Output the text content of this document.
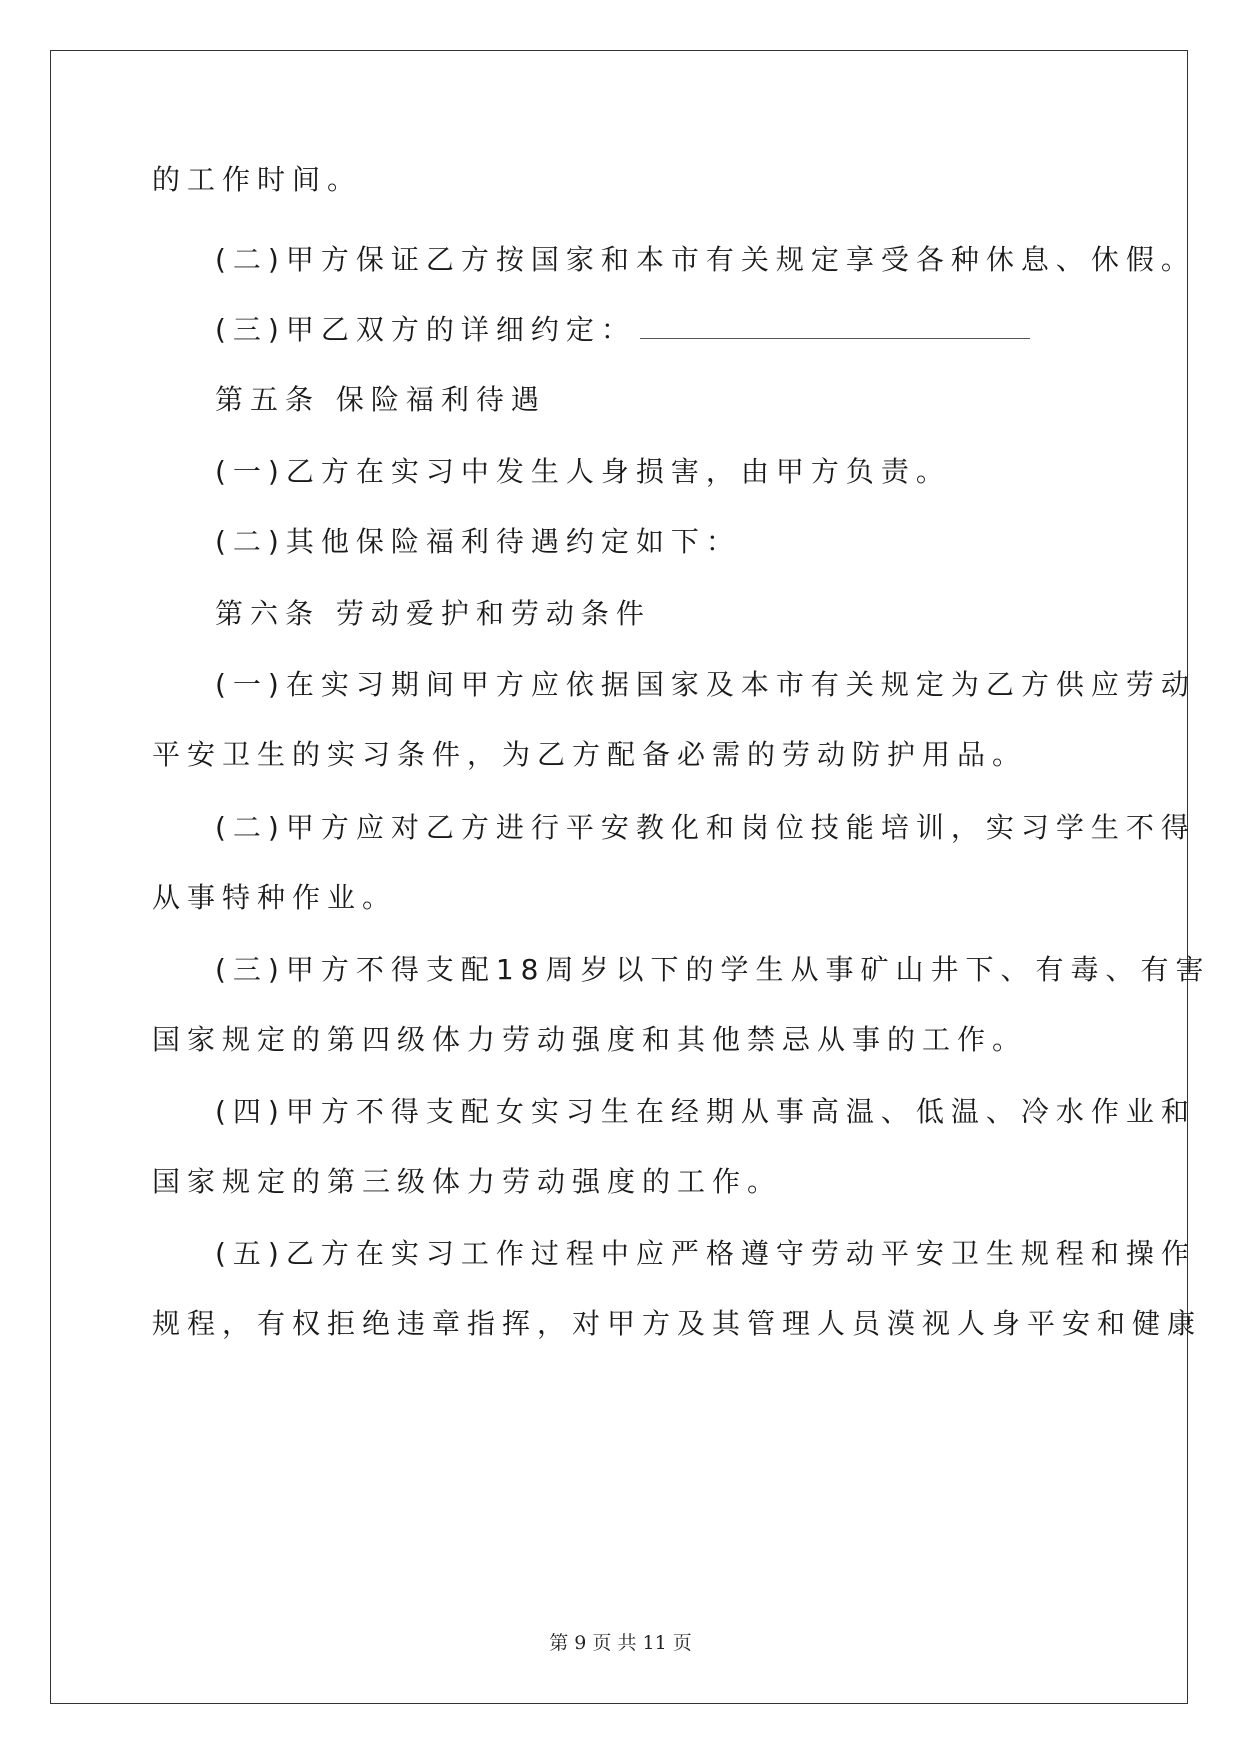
的工作时间。
(二)甲方保证乙方按国家和本市有关规定享受各种休息、休假。
(三)甲乙双方的详细约定：
第五条 保险福利待遇
(一)乙方在实习中发生人身损害，由甲方负责。
(二)其他保险福利待遇约定如下：
第六条 劳动爱护和劳动条件
(一)在实习期间甲方应依据国家及本市有关规定为乙方供应劳动
平安卫生的实习条件，为乙方配备必需的劳动防护用品。
(二)甲方应对乙方进行平安教化和岗位技能培训，实习学生不得
从事特种作业。
(三)甲方不得支配18周岁以下的学生从事矿山井下、有毒、有害
国家规定的第四级体力劳动强度和其他禁忌从事的工作。
(四)甲方不得支配女实习生在经期从事高温、低温、冷水作业和
国家规定的第三级体力劳动强度的工作。
(五)乙方在实习工作过程中应严格遵守劳动平安卫生规程和操作
规程，有权拒绝违章指挥，对甲方及其管理人员漠视人身平安和健康
第 9 页 共 11 页
